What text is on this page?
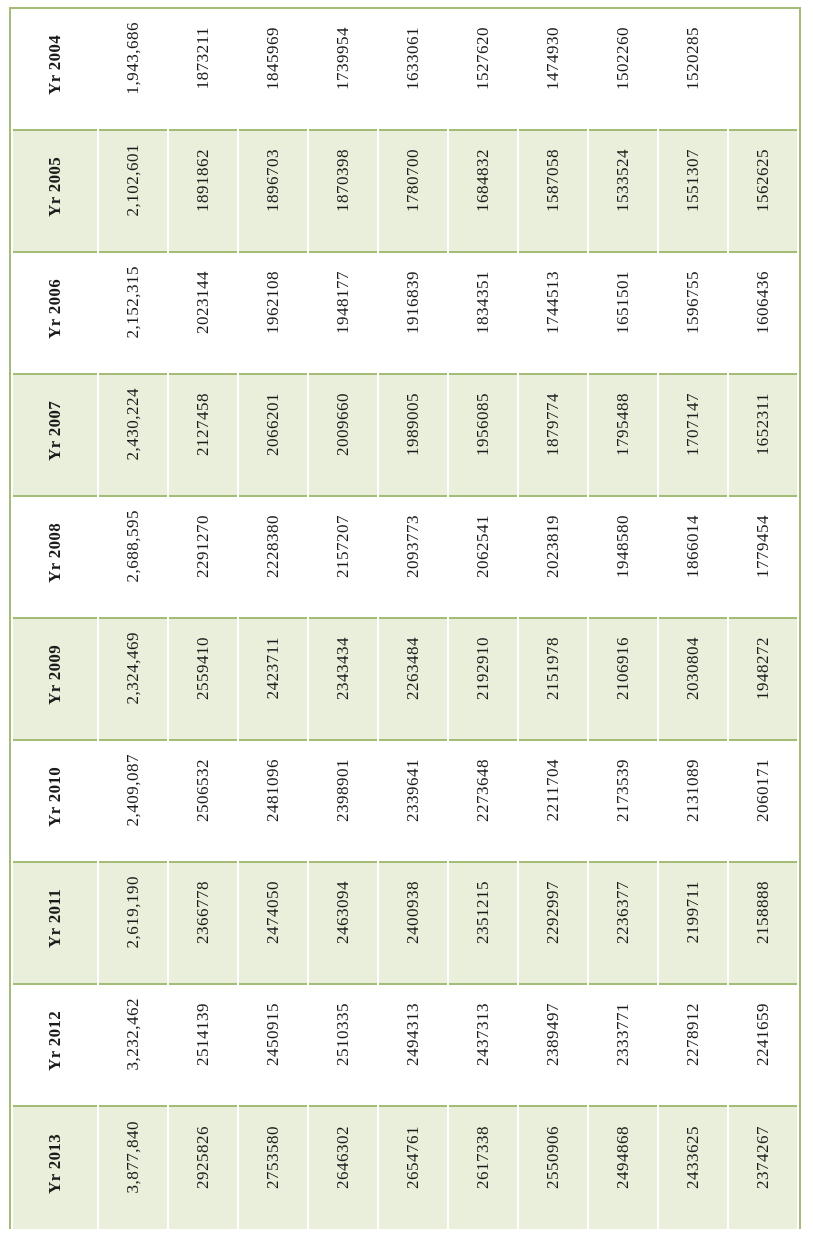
Yr 2004	1,943,686	1873211	1845969	1739954	1633061	1527620	1474930	1502260	1520285	
Yr 2005	2,102,601	1891862	1896703	1870398	1780700	1684832	1587058	1533524	1551307	1562625
Yr 2006	2,152,315	2023144	1962108	1948177	1916839	1834351	1744513	1651501	1596755	1606436
Yr 2007	2,430,224	2127458	2066201	2009660	1989005	1956085	1879774	1795488	1707147	1652311
Yr 2008	2,688,595	2291270	2228380	2157207	2093773	2062541	2023819	1948580	1866014	1779454
Yr 2009	2,324,469	2559410	2423711	2343434	2263484	2192910	2151978	2106916	2030804	1948272
Yr 2010	2,409,087	2506532	2481096	2398901	2339641	2273648	2211704	2173539	2131089	2060171
Yr 2011	2,619,190	2366778	2474050	2463094	2400938	2351215	2292997	2236377	2199711	2158888
Yr 2012	3,232,462	2514139	2450915	2510335	2494313	2437313	2389497	2333771	2278912	2241659
Yr 2013	3,877,840	2925826	2753580	2646302	2654761	2617338	2550906	2494868	2433625	2374267
